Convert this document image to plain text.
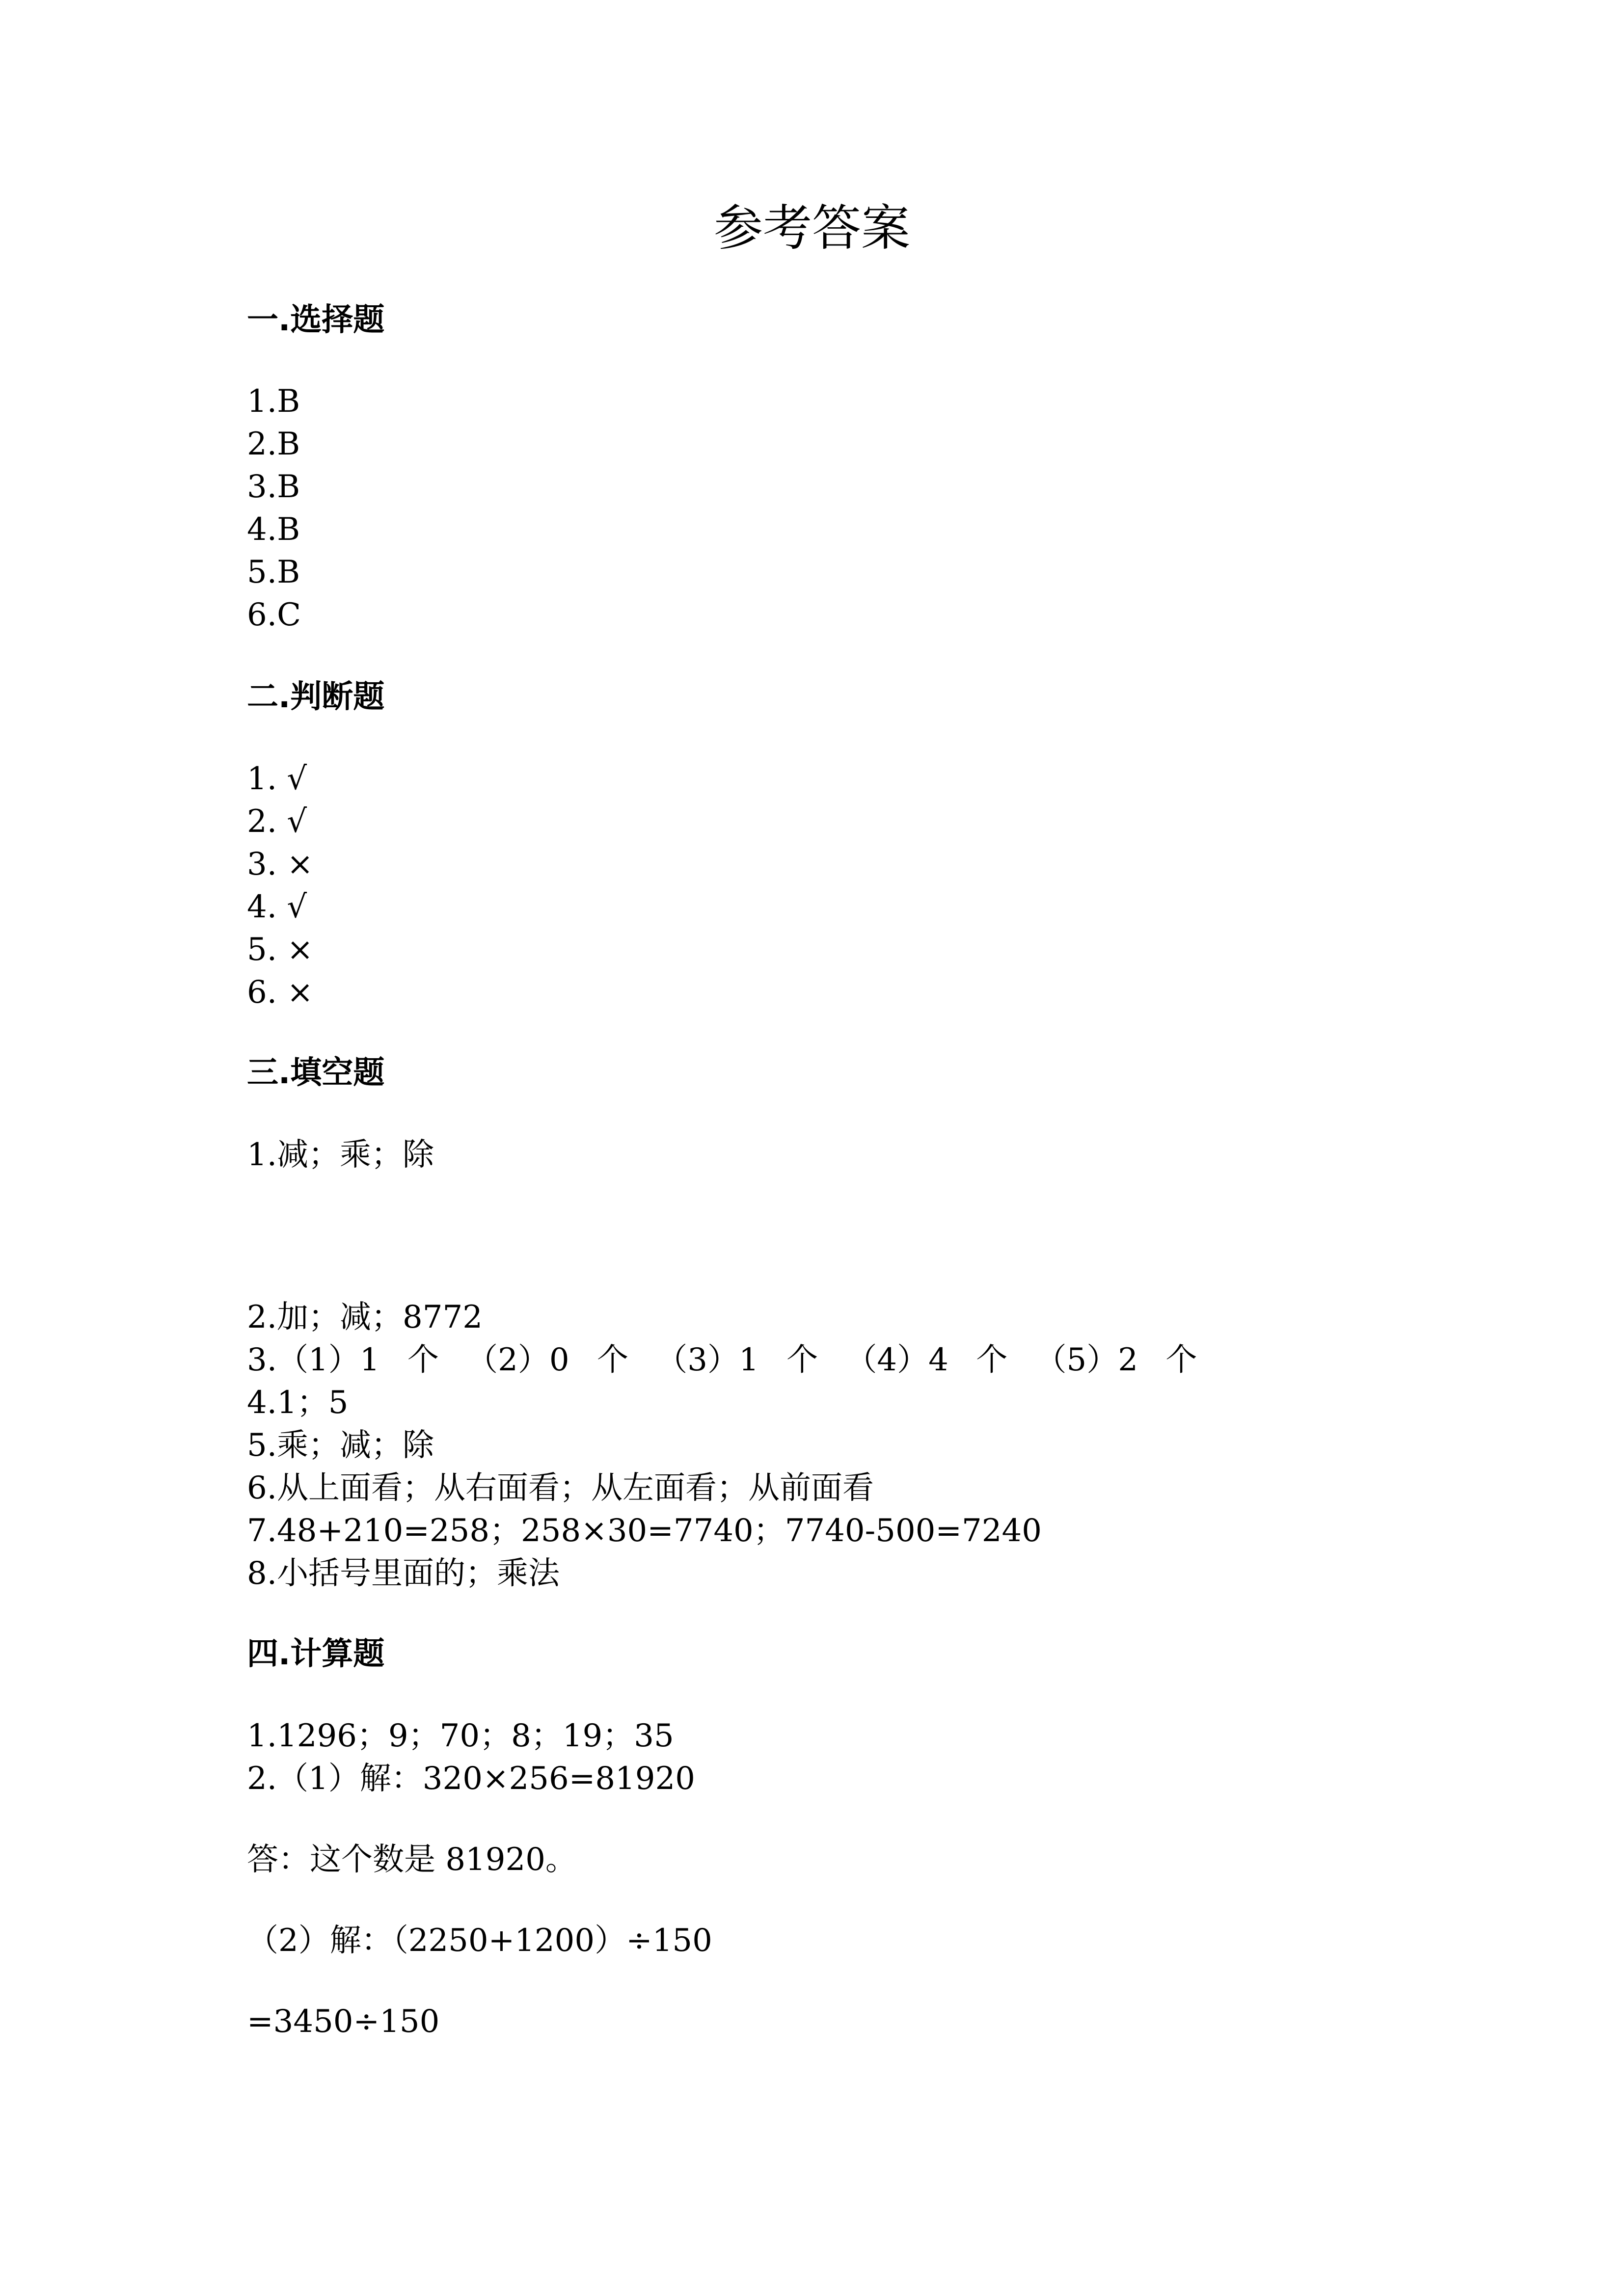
参考答案
一.选择题
1.B
2.B
3.B
4.B
5.B
6.C
二.判断题
1. √
2. √
3. ×
4. √
5. ×
6. ×
三.填空题
1.减；乘；除
2.加；减；8772
3.（1）1 个 （2）0 个 （3）1 个 （4）4 个 （5）2 个
4.1；5
5.乘；减；除
6.从上面看；从右面看；从左面看；从前面看
7.48+210=258；258×30=7740；7740-500=7240
8.小括号里面的；乘法
四.计算题
1.1296；9；70；8；19；35
2.（1）解：320×256=81920
答：这个数是 81920。
（2）解：（2250+1200）÷150
=3450÷150
